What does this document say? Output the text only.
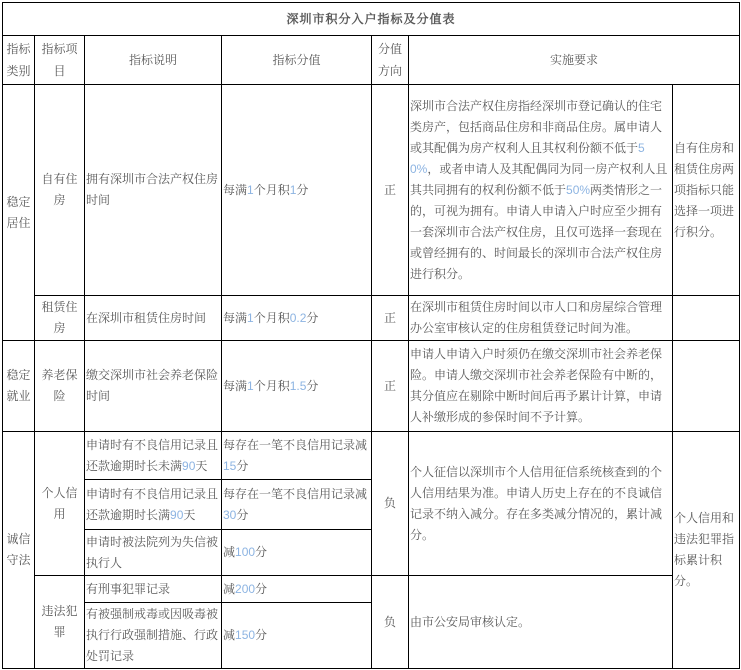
深圳市积分入户指标及分值表						
指标类别	指标项目	指标说明	指标分值	分值方向	实施要求	
稳定居住	自有住房	拥有深圳市合法产权住房时间	每满1个月积1分	正	深圳市合法产权住房指经深圳市登记确认的住宅类房产，包括商品住房和非商品住房。属申请人或其配偶为房产权利人且其权利份额不低于50%，或者申请人及其配偶同为同一房产权利人且其共同拥有的权利份额不低于50%两类情形之一的，可视为拥有。申请人申请入户时应至少拥有一套深圳市合法产权住房，且仅可选择一套现在或曾经拥有的、时间最长的深圳市合法产权住房进行积分。	自有住房和租赁住房两项指标只能选择一项进行积分。
	租赁住房	在深圳市租赁住房时间	每满1个月积0.2分	正	在深圳市租赁住房时间以市人口和房屋综合管理办公室审核认定的住房租赁登记时间为准。	
稳定就业	养老保险	缴交深圳市社会养老保险时间	每满1个月积1.5分	正	申请人申请入户时须仍在缴交深圳市社会养老保险。申请人缴交深圳市社会养老保险有中断的，其分值应在剔除中断时间后再予累计计算，申请人补缴形成的参保时间不予计算。	
诚信守法	个人信用	申请时有不良信用记录且还款逾期时长未满90天	每存在一笔不良信用记录减15分	负	个人征信以深圳市个人信用征信系统核查到的个人信用结果为准。申请人历史上存在的不良诚信记录不纳入减分。存在多类减分情况的，累计减分。	个人信用和违法犯罪指标累计积分。
		申请时有不良信用记录且还款逾期时长满90天	每存在一笔不良信用记录减30分			
		申请时被法院列为失信被执行人	减100分			
	违法犯罪	有刑事犯罪记录	减200分	负	由市公安局审核认定。	
		有被强制戒毒或因吸毒被执行行政强制措施、行政处罚记录	减150分			
